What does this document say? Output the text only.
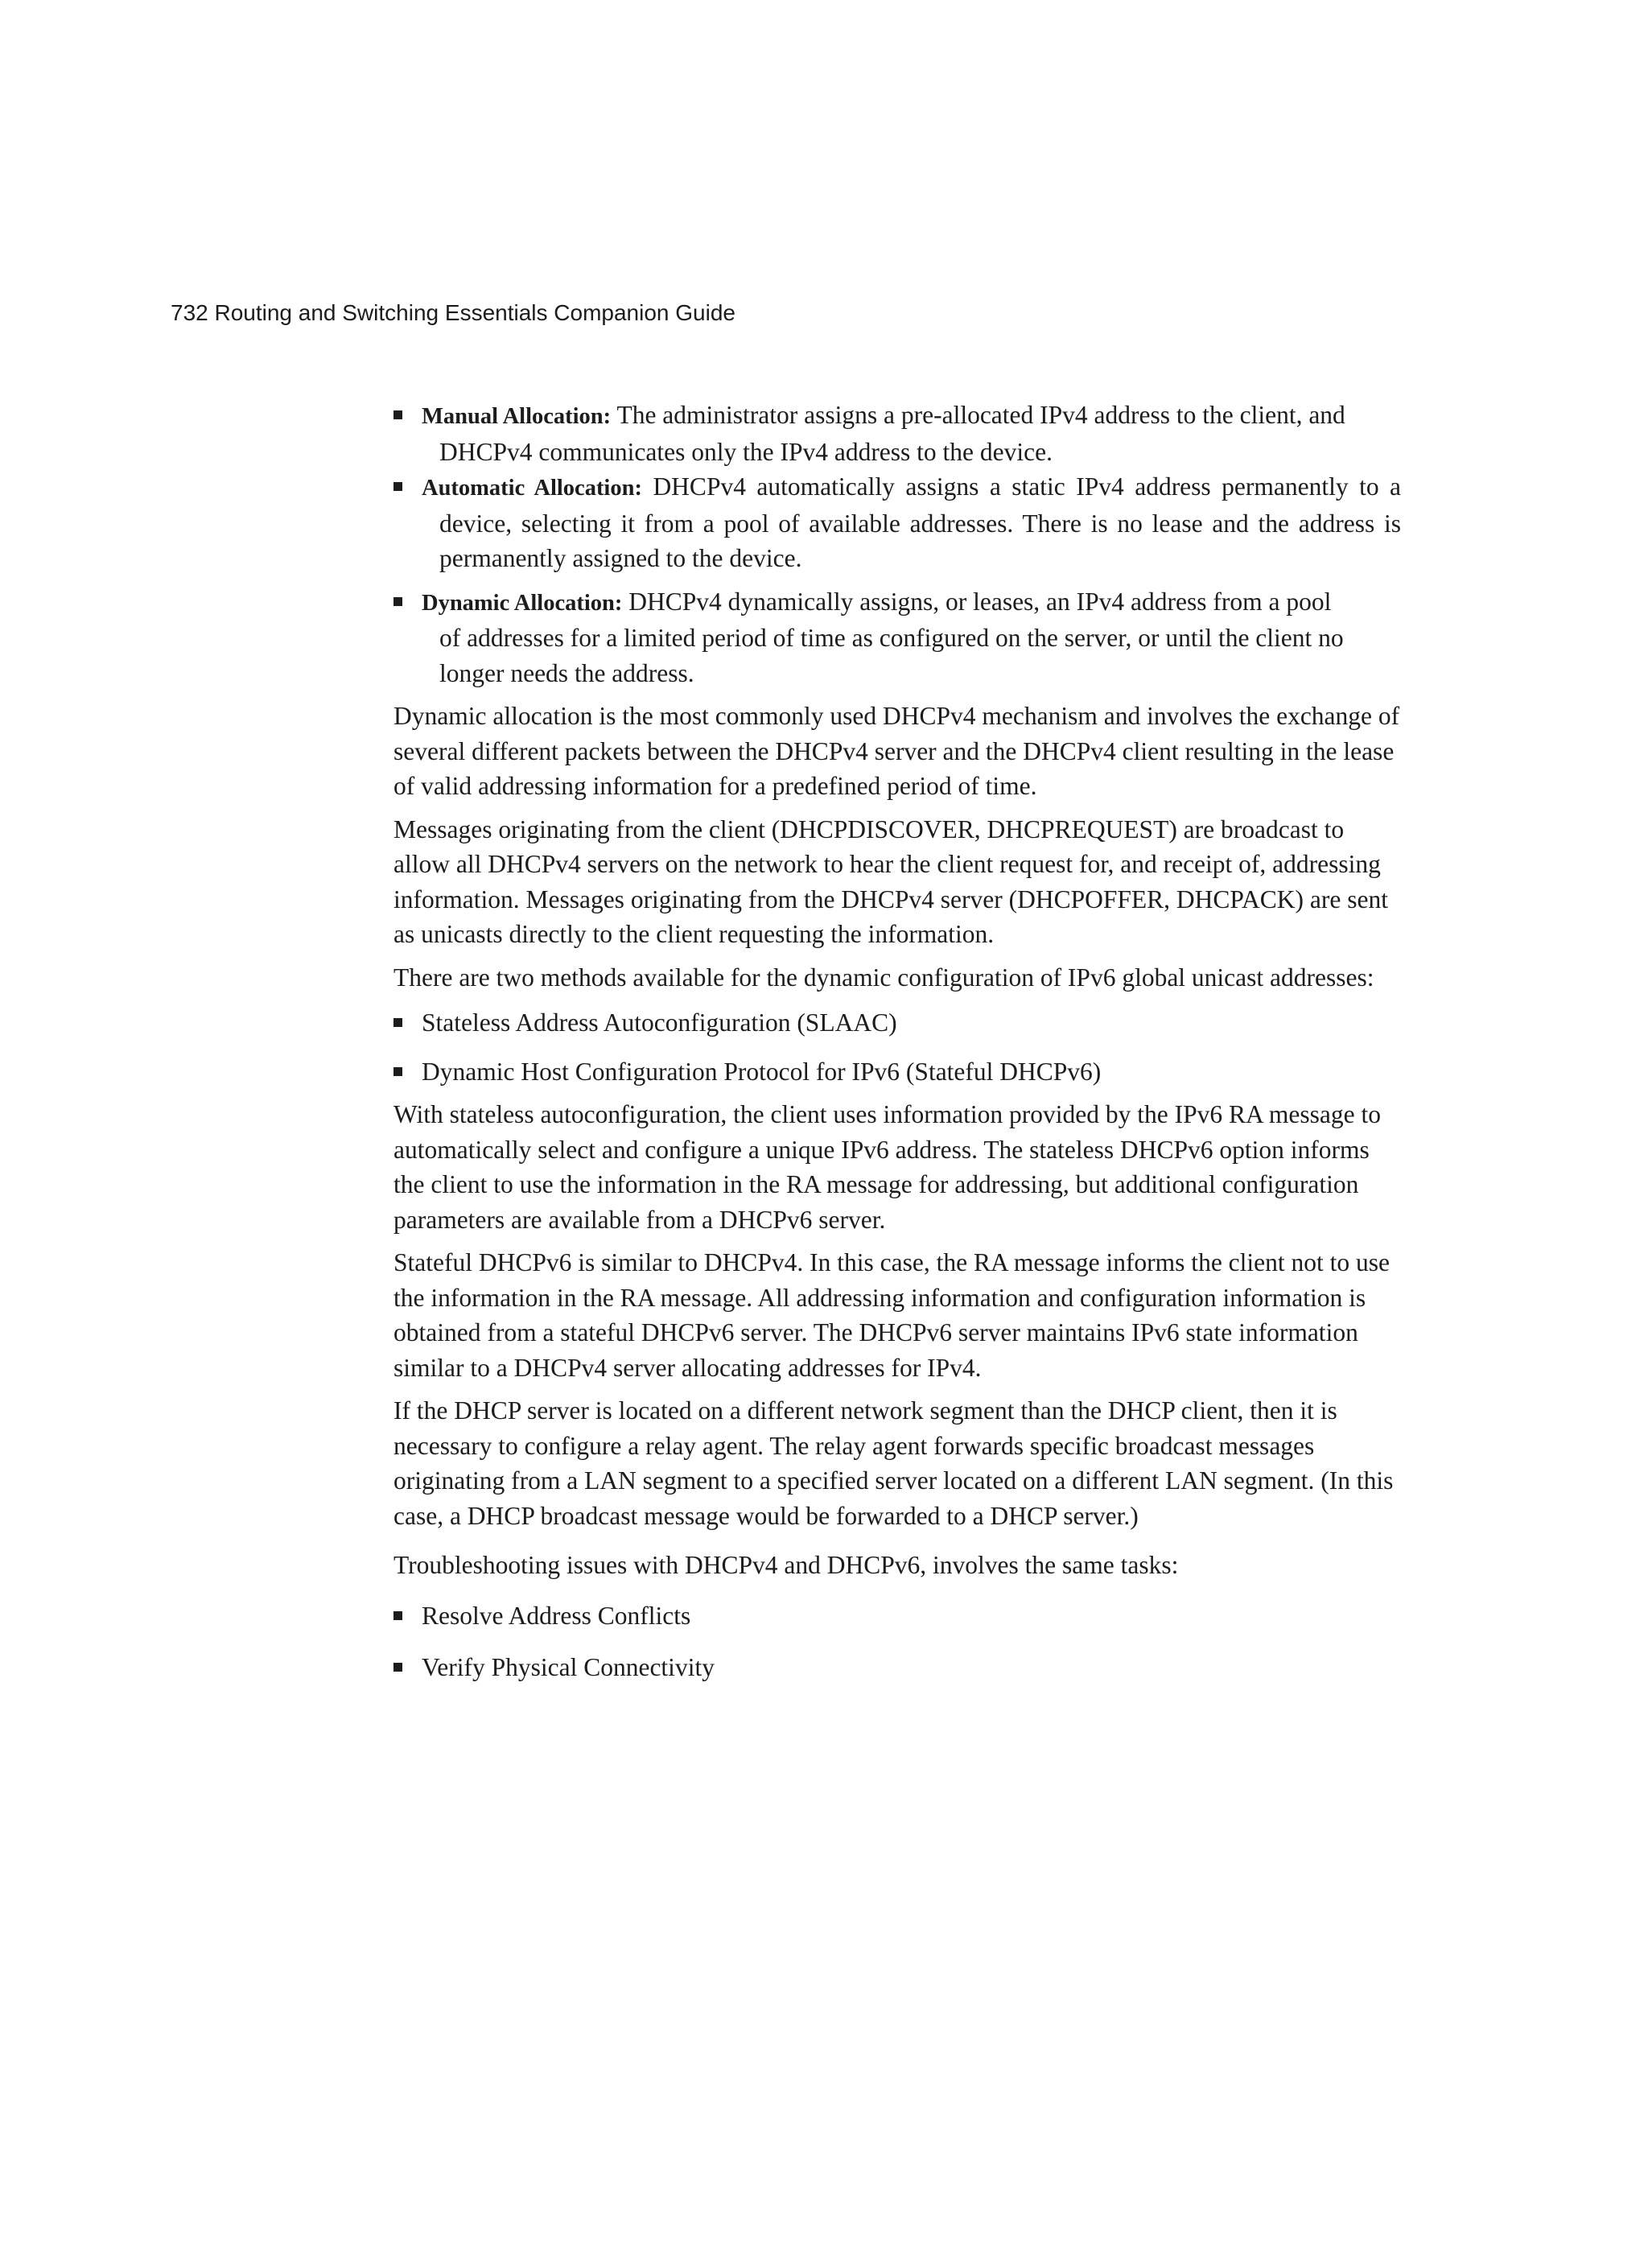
732 Routing and Switching Essentials Companion Guide
Manual Allocation: The administrator assigns a pre-allocated IPv4 address to the client, and DHCPv4 communicates only the IPv4 address to the device.
Automatic Allocation: DHCPv4 automatically assigns a static IPv4 address permanently to a device, selecting it from a pool of available addresses. There is no lease and the address is permanently assigned to the device.
Dynamic Allocation: DHCPv4 dynamically assigns, or leases, an IPv4 address from a pool of addresses for a limited period of time as configured on the server, or until the client no longer needs the address.

Dynamic allocation is the most commonly used DHCPv4 mechanism and involves the exchange of several different packets between the DHCPv4 server and the DHCPv4 client resulting in the lease of valid addressing information for a predefined period of time.

Messages originating from the client (DHCPDISCOVER, DHCPREQUEST) are broadcast to allow all DHCPv4 servers on the network to hear the client request for, and receipt of, addressing information. Messages originating from the DHCPv4 server (DHCPOFFER, DHCPACK) are sent as unicasts directly to the client requesting the information.

There are two methods available for the dynamic configuration of IPv6 global unicast addresses:

Stateless Address Autoconfiguration (SLAAC)
Dynamic Host Configuration Protocol for IPv6 (Stateful DHCPv6)

With stateless autoconfiguration, the client uses information provided by the IPv6 RA message to automatically select and configure a unique IPv6 address. The stateless DHCPv6 option informs the client to use the information in the RA message for addressing, but additional configuration parameters are available from a DHCPv6 server.

Stateful DHCPv6 is similar to DHCPv4. In this case, the RA message informs the client not to use the information in the RA message. All addressing information and configuration information is obtained from a stateful DHCPv6 server. The DHCPv6 server maintains IPv6 state information similar to a DHCPv4 server allocating addresses for IPv4.

If the DHCP server is located on a different network segment than the DHCP client, then it is necessary to configure a relay agent. The relay agent forwards specific broadcast messages originating from a LAN segment to a specified server located on a different LAN segment. (In this case, a DHCP broadcast message would be forwarded to a DHCP server.)

Troubleshooting issues with DHCPv4 and DHCPv6, involves the same tasks:

Resolve Address Conflicts
Verify Physical Connectivity
